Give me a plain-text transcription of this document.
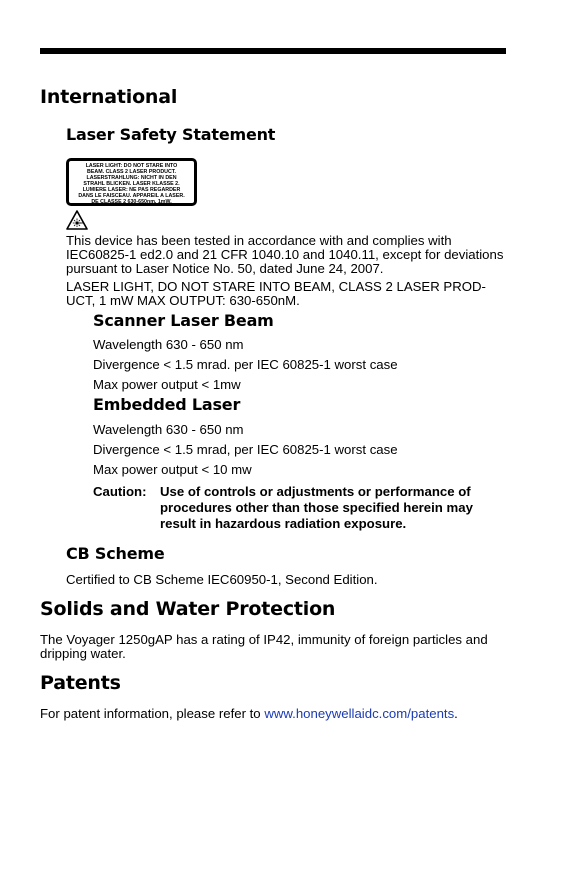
International
Laser Safety Statement
LASER LIGHT: DO NOT STARE INTO
BEAM. CLASS 2 LASER PRODUCT.
LASERSTRAHLUNG: NICHT IN DEN
STRAHL BLICKEN. LASER KLASSE 2.
LUMIERE LASER: NE PAS REGARDER
DANS LE FAISCEAU. APPAREIL A LASER.
DE CLASSE 2 630-650nm, 1mW.

This device has been tested in accordance with and complies with

IEC60825-1 ed2.0 and 21 CFR 1040.10 and 1040.11, except for deviations

pursuant to Laser Notice No. 50, dated June 24, 2007.

LASER LIGHT, DO NOT STARE INTO BEAM, CLASS 2 LASER PROD-

UCT, 1 mW MAX OUTPUT: 630-650nM.

Scanner Laser Beam

Wavelength 630 - 650 nm

Divergence < 1.5 mrad. per IEC 60825-1 worst case

Max power output < 1mw

Embedded Laser

Wavelength 630 - 650 nm

Divergence < 1.5 mrad, per IEC 60825-1 worst case

Max power output < 10 mw

Caution: Use of controls or adjustments or performance of
procedures other than those specified herein may
result in hazardous radiation exposure.
CB Scheme

Certified to CB Scheme IEC60950-1, Second Edition.

Solids and Water Protection

The Voyager 1250gAP has a rating of IP42, immunity of foreign particles and

dripping water.

Patents

For patent information, please refer to www.honeywellaidc.com/patents.
